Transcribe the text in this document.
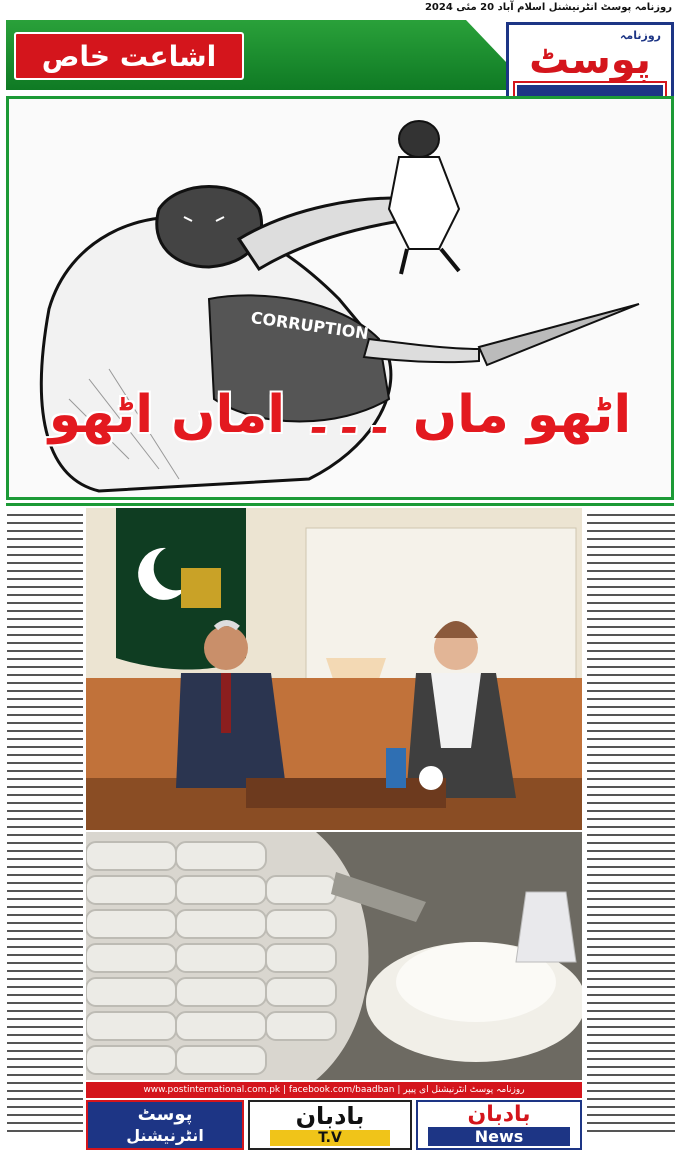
روزنامہ پوسٹ انٹرنیشنل اسلام آباد 20 مئی 2024
اشاعت خاص
روزنامہ
پوسٹ
CORRUPTION
اٹھو ماں ۔۔۔ اماں اٹھو
روزنامہ پوسٹ انٹرنیشنل ای پیپر | www.postinternational.com.pk | facebook.com/baadban
پوسٹ
انٹرنیشنل
بادبان
T.V
بادبان
News
